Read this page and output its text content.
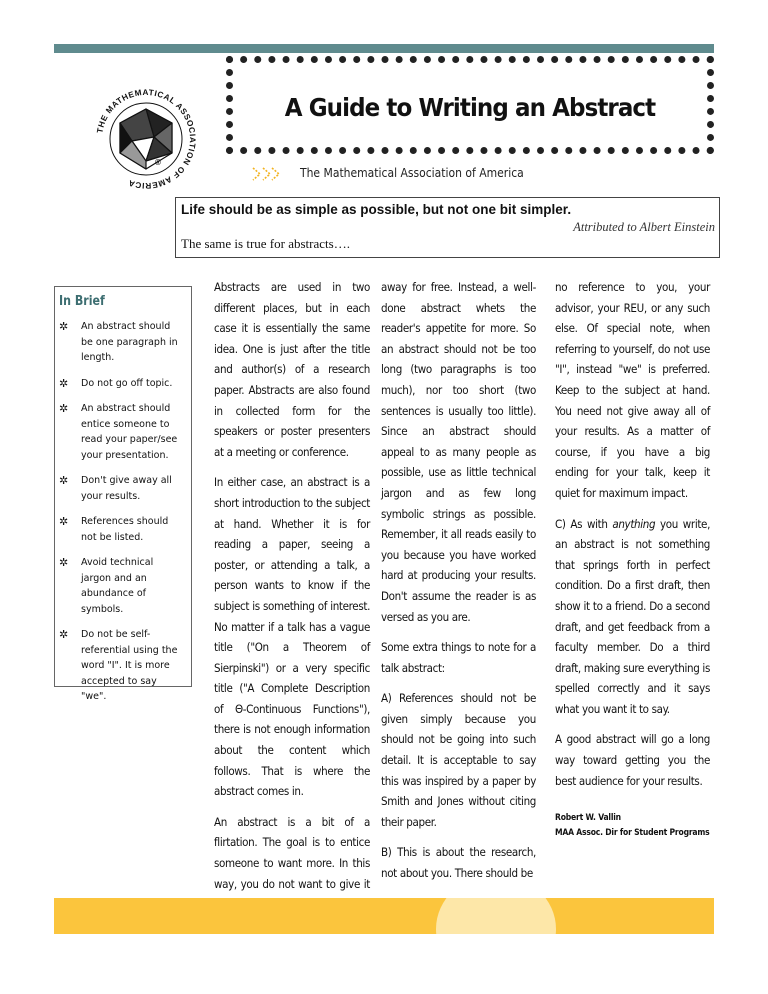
THE MATHEMATICAL ASSOCIATION OF AMERICA
®
A Guide to Writing an Abstract
The Mathematical Association of America
Life should be as simple as possible, but not one bit simpler.
Attributed to Albert Einstein
The same is true for abstracts….
In Brief
✲ An abstract should be one paragraph in length.
✲ Do not go off topic.
✲ An abstract should entice someone to read your paper/see your presentation.
✲ Don't give away all your results.
✲ References should not be listed.
✲ Avoid technical jargon and an abundance of symbols.
✲ Do not be self-referential using the word "I". It is more accepted to say "we".

Abstracts are used in two different places, but in each case it is essentially the same idea. One is just after the title and author(s) of a research paper. Abstracts are also found in collected form for the speakers or poster presenters at a meeting or conference.

In either case, an abstract is a short introduction to the subject at hand. Whether it is for reading a paper, seeing a poster, or attending a talk, a person wants to know if the subject is something of interest. No matter if a talk has a vague title ("On a Theorem of Sierpinski") or a very specific title ("A Complete Description of Θ-Continuous Functions"), there is not enough information about the content which follows. That is where the abstract comes in.

An abstract is a bit of a flirtation. The goal is to entice someone to want more. In this way, you do not want to give it

away for free. Instead, a well-done abstract whets the reader's appetite for more. So an abstract should not be too long (two paragraphs is too much), nor too short (two sentences is usually too little). Since an abstract should appeal to as many people as possible, use as little technical jargon and as few long symbolic strings as possible. Remember, it all reads easily to you because you have worked hard at producing your results. Don't assume the reader is as versed as you are.

Some extra things to note for a talk abstract:

A) References should not be given simply because you should not be going into such detail. It is acceptable to say this was inspired by a paper by Smith and Jones without citing their paper.

B) This is about the research, not about you. There should be

no reference to you, your advisor, your REU, or any such else. Of special note, when referring to yourself, do not use "I", instead "we" is preferred. Keep to the subject at hand. You need not give away all of your results. As a matter of course, if you have a big ending for your talk, keep it quiet for maximum impact.

C) As with anything you write, an abstract is not something that springs forth in perfect condition. Do a first draft, then show it to a friend. Do a second draft, and get feedback from a faculty member. Do a third draft, making sure everything is spelled correctly and it says what you want it to say.

A good abstract will go a long way toward getting you the best audience for your results.

Robert W. Vallin
MAA Assoc. Dir for Student Programs
